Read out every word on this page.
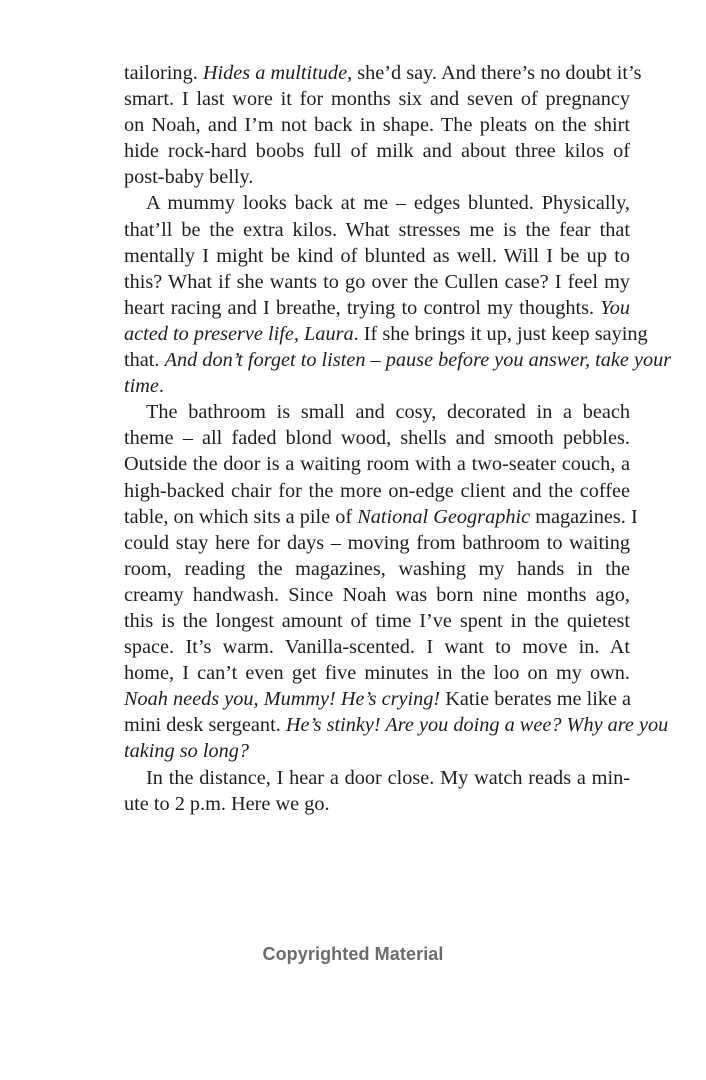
tailoring. Hides a multitude, she’d say. And there’s no doubt it’s
smart. I last wore it for months six and seven of pregnancy
on Noah, and I’m not back in shape. The pleats on the shirt
hide rock-hard boobs full of milk and about three kilos of
post-baby belly.
A mummy looks back at me – edges blunted. Physically,
that’ll be the extra kilos. What stresses me is the fear that
mentally I might be kind of blunted as well. Will I be up to
this? What if she wants to go over the Cullen case? I feel my
heart racing and I breathe, trying to control my thoughts. You
acted to preserve life, Laura. If she brings it up, just keep saying
that. And don’t forget to listen – pause before you answer, take your
time.
The bathroom is small and cosy, decorated in a beach
theme – all faded blond wood, shells and smooth pebbles.
Outside the door is a waiting room with a two-seater couch, a
high-backed chair for the more on-edge client and the coffee
table, on which sits a pile of National Geographic magazines. I
could stay here for days – moving from bathroom to waiting
room, reading the magazines, washing my hands in the
creamy handwash. Since Noah was born nine months ago,
this is the longest amount of time I’ve spent in the quietest
space. It’s warm. Vanilla-scented. I want to move in. At
home, I can’t even get five minutes in the loo on my own.
Noah needs you, Mummy! He’s crying! Katie berates me like a
mini desk sergeant. He’s stinky! Are you doing a wee? Why are you
taking so long?
In the distance, I hear a door close. My watch reads a min-
ute to 2 p.m. Here we go.
Copyrighted Material
